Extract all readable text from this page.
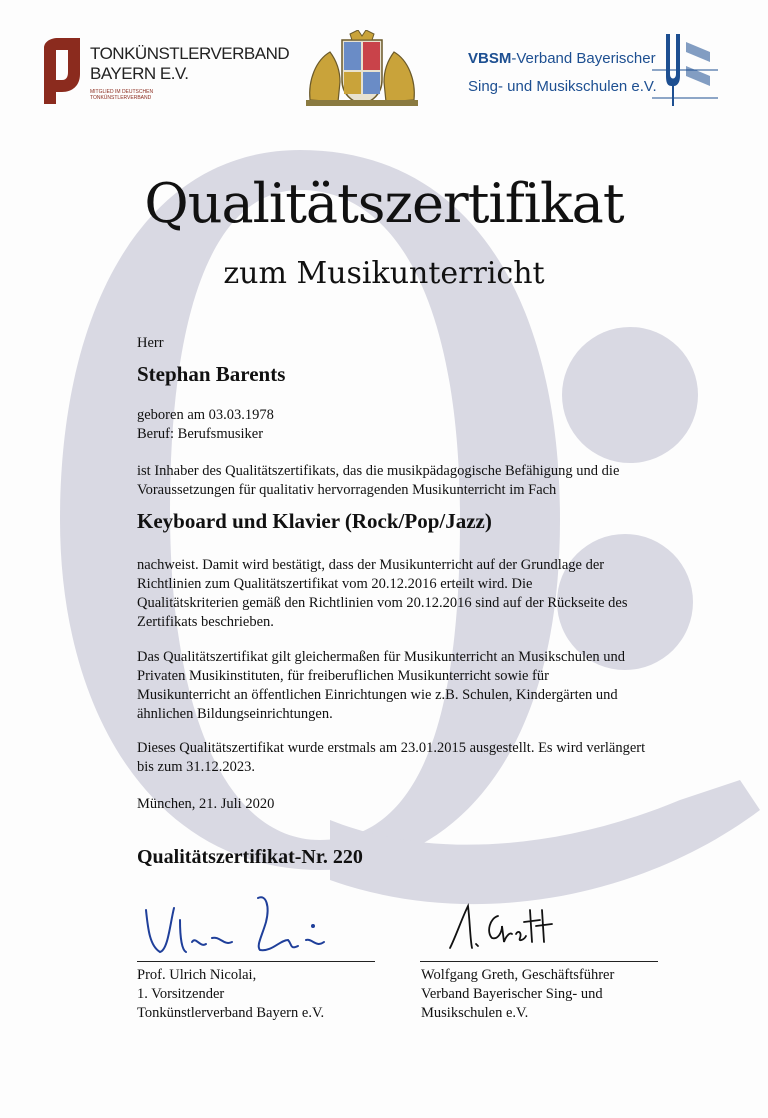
TONKÜNSTLERVERBAND
BAYERN E.V.
MITGLIED IM DEUTSCHEN TONKÜNSTLERVERBAND
VBSM-Verband Bayerischer
Sing- und Musikschulen e.V.
Qualitätszertifikat
zum Musikunterricht
Herr
Stephan Barents
geboren am 03.03.1978
Beruf: Berufsmusiker
ist Inhaber des Qualitätszertifikats, das die musikpädagogische Befähigung und die Voraussetzungen für qualitativ hervorragenden Musikunterricht im Fach
Keyboard und Klavier (Rock/Pop/Jazz)
nachweist. Damit wird bestätigt, dass der Musikunterricht auf der Grundlage der Richtlinien zum Qualitätszertifikat vom 20.12.2016 erteilt wird. Die Qualitätskriterien gemäß den Richtlinien vom 20.12.2016 sind auf der Rückseite des Zertifikats beschrieben.
Das Qualitätszertifikat gilt gleichermaßen für Musikunterricht an Musikschulen und Privaten Musikinstituten, für freiberuflichen Musikunterricht sowie für Musikunterricht an öffentlichen Einrichtungen wie z.B. Schulen, Kindergärten und ähnlichen Bildungseinrichtungen.
Dieses Qualitätszertifikat wurde erstmals am 23.01.2015 ausgestellt. Es wird verlängert bis zum 31.12.2023.
München, 21. Juli 2020
Qualitätszertifikat-Nr. 220
Prof. Ulrich Nicolai,
1. Vorsitzender
Tonkünstlerverband Bayern e.V.
Wolfgang Greth, Geschäftsführer
Verband Bayerischer Sing- und
Musikschulen e.V.
